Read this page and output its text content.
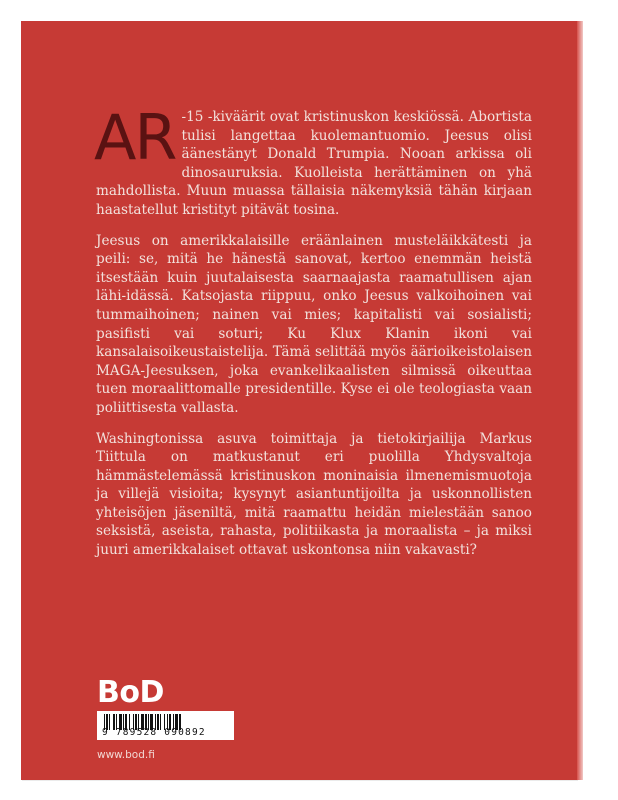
AR -15 -kiväärit ovat kristinuskon keskiössä. Abortista tulisi langettaa kuolemantuomio. Jeesus olisi äänestänyt Donald Trumpia. Nooan arkissa oli dinosauruksia. Kuolleista herättäminen on yhä mahdollista. Muun muassa tällaisia näkemyksiä tähän kirjaan haastatellut kristityt pitävät tosina.

Jeesus on amerikkalaisille eräänlainen musteläikkätesti ja peili: se, mitä he hänestä sanovat, kertoo enemmän heistä itsestään kuin juutalaisesta saarnaajasta raamatullisen ajan lähi-idässä. Katsojasta riippuu, onko Jeesus valkoihoinen vai tummaihoinen; nainen vai mies; kapitalisti vai sosialisti; pasifisti vai soturi; Ku Klux Klanin ikoni vai kansalaisoikeustaistelija. Tämä selittää myös äärioikeistolaisen MAGA-Jeesuksen, joka evankelikaalisten silmissä oikeuttaa tuen moraalittomalle presidentille. Kyse ei ole teologiasta vaan poliittisesta vallasta.

Washingtonissa asuva toimittaja ja tietokirjailija Markus Tiittula on matkustanut eri puolilla Yhdysvaltoja hämmästelemässä kristinuskon moninaisia ilmenemismuotoja ja villejä visioita; kysynyt asiantuntijoilta ja uskonnollisten yhteisöjen jäseniltä, mitä raamattu heidän mielestään sanoo seksistä, aseista, rahasta, politiikasta ja moraalista – ja miksi juuri amerikkalaiset ottavat uskontonsa niin vakavasti?

BoD
9 789528 090892
www.bod.fi
